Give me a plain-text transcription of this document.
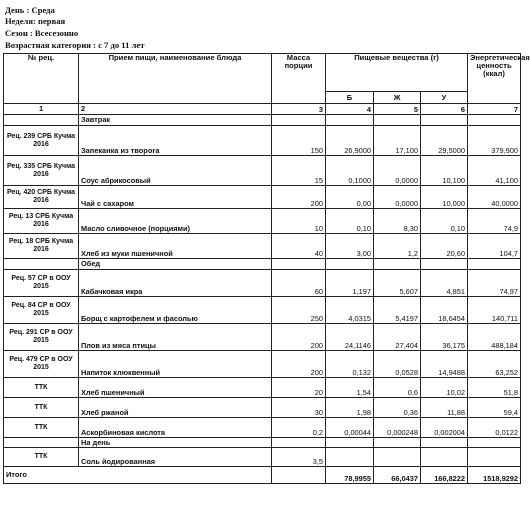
День : Среда
Неделя: первая
Сезон : Всесезонно
Возрастная категория : с 7 до 11 лет
№ рец.	Прием пищи, наименование блюда	Масса порции	Пищевые вещества (г)			Энергетическая ценность (ккал)
			Б	Ж	У	
1	2	3	4	5	6	7
	Завтрак					
Рец. 239 СРБ Кучма 2016	Запеканка из творога	150	26,9000	17,100	29,5000	379,900
Рец. 335 СРБ Кучма 2016	Соус абрикосовый	15	0,1000	0,0000	10,100	41,100
Рец. 420 СРБ Кучма 2016	Чай с сахаром	200	0,00	0,0000	10,000	40,0000
Рец. 13 СРБ Кучма 2016	Масло сливочное (порциями)	10	0,10	8,30	0,10	74,9
Рец. 18 СРБ Кучма 2016	Хлеб из муки пшеничной	40	3,00	1,2	20,60	104,7
	Обед					
Рец. 57 СР в ООУ 2015	Кабачковая икра	60	1,197	5,607	4,851	74,97
Рец. 84 СР в ООУ 2015	Борщ с картофелем и фасолью	250	4,0315	5,4197	18,6454	140,711
Рец. 291 СР в ООУ 2015	Плов из мяса птицы	200	24,1146	27,404	36,175	488,184
Рец. 479 СР в ООУ 2015	Напиток клюквенный	200	0,132	0,0528	14,9488	63,252
ТТК	Хлеб пшеничный	20	1,54	0,6	10,02	51,8
ТТК	Хлеб ржаной	30	1,98	0,36	11,88	59,4
ТТК	Аскорбиновая кислота	0,2	0,00044	0,000248	0,002004	0,0122
	На день					
ТТК	Соль йодированная	3,5				
Итого			78,9955	66,0437	166,8222	1518,9292
